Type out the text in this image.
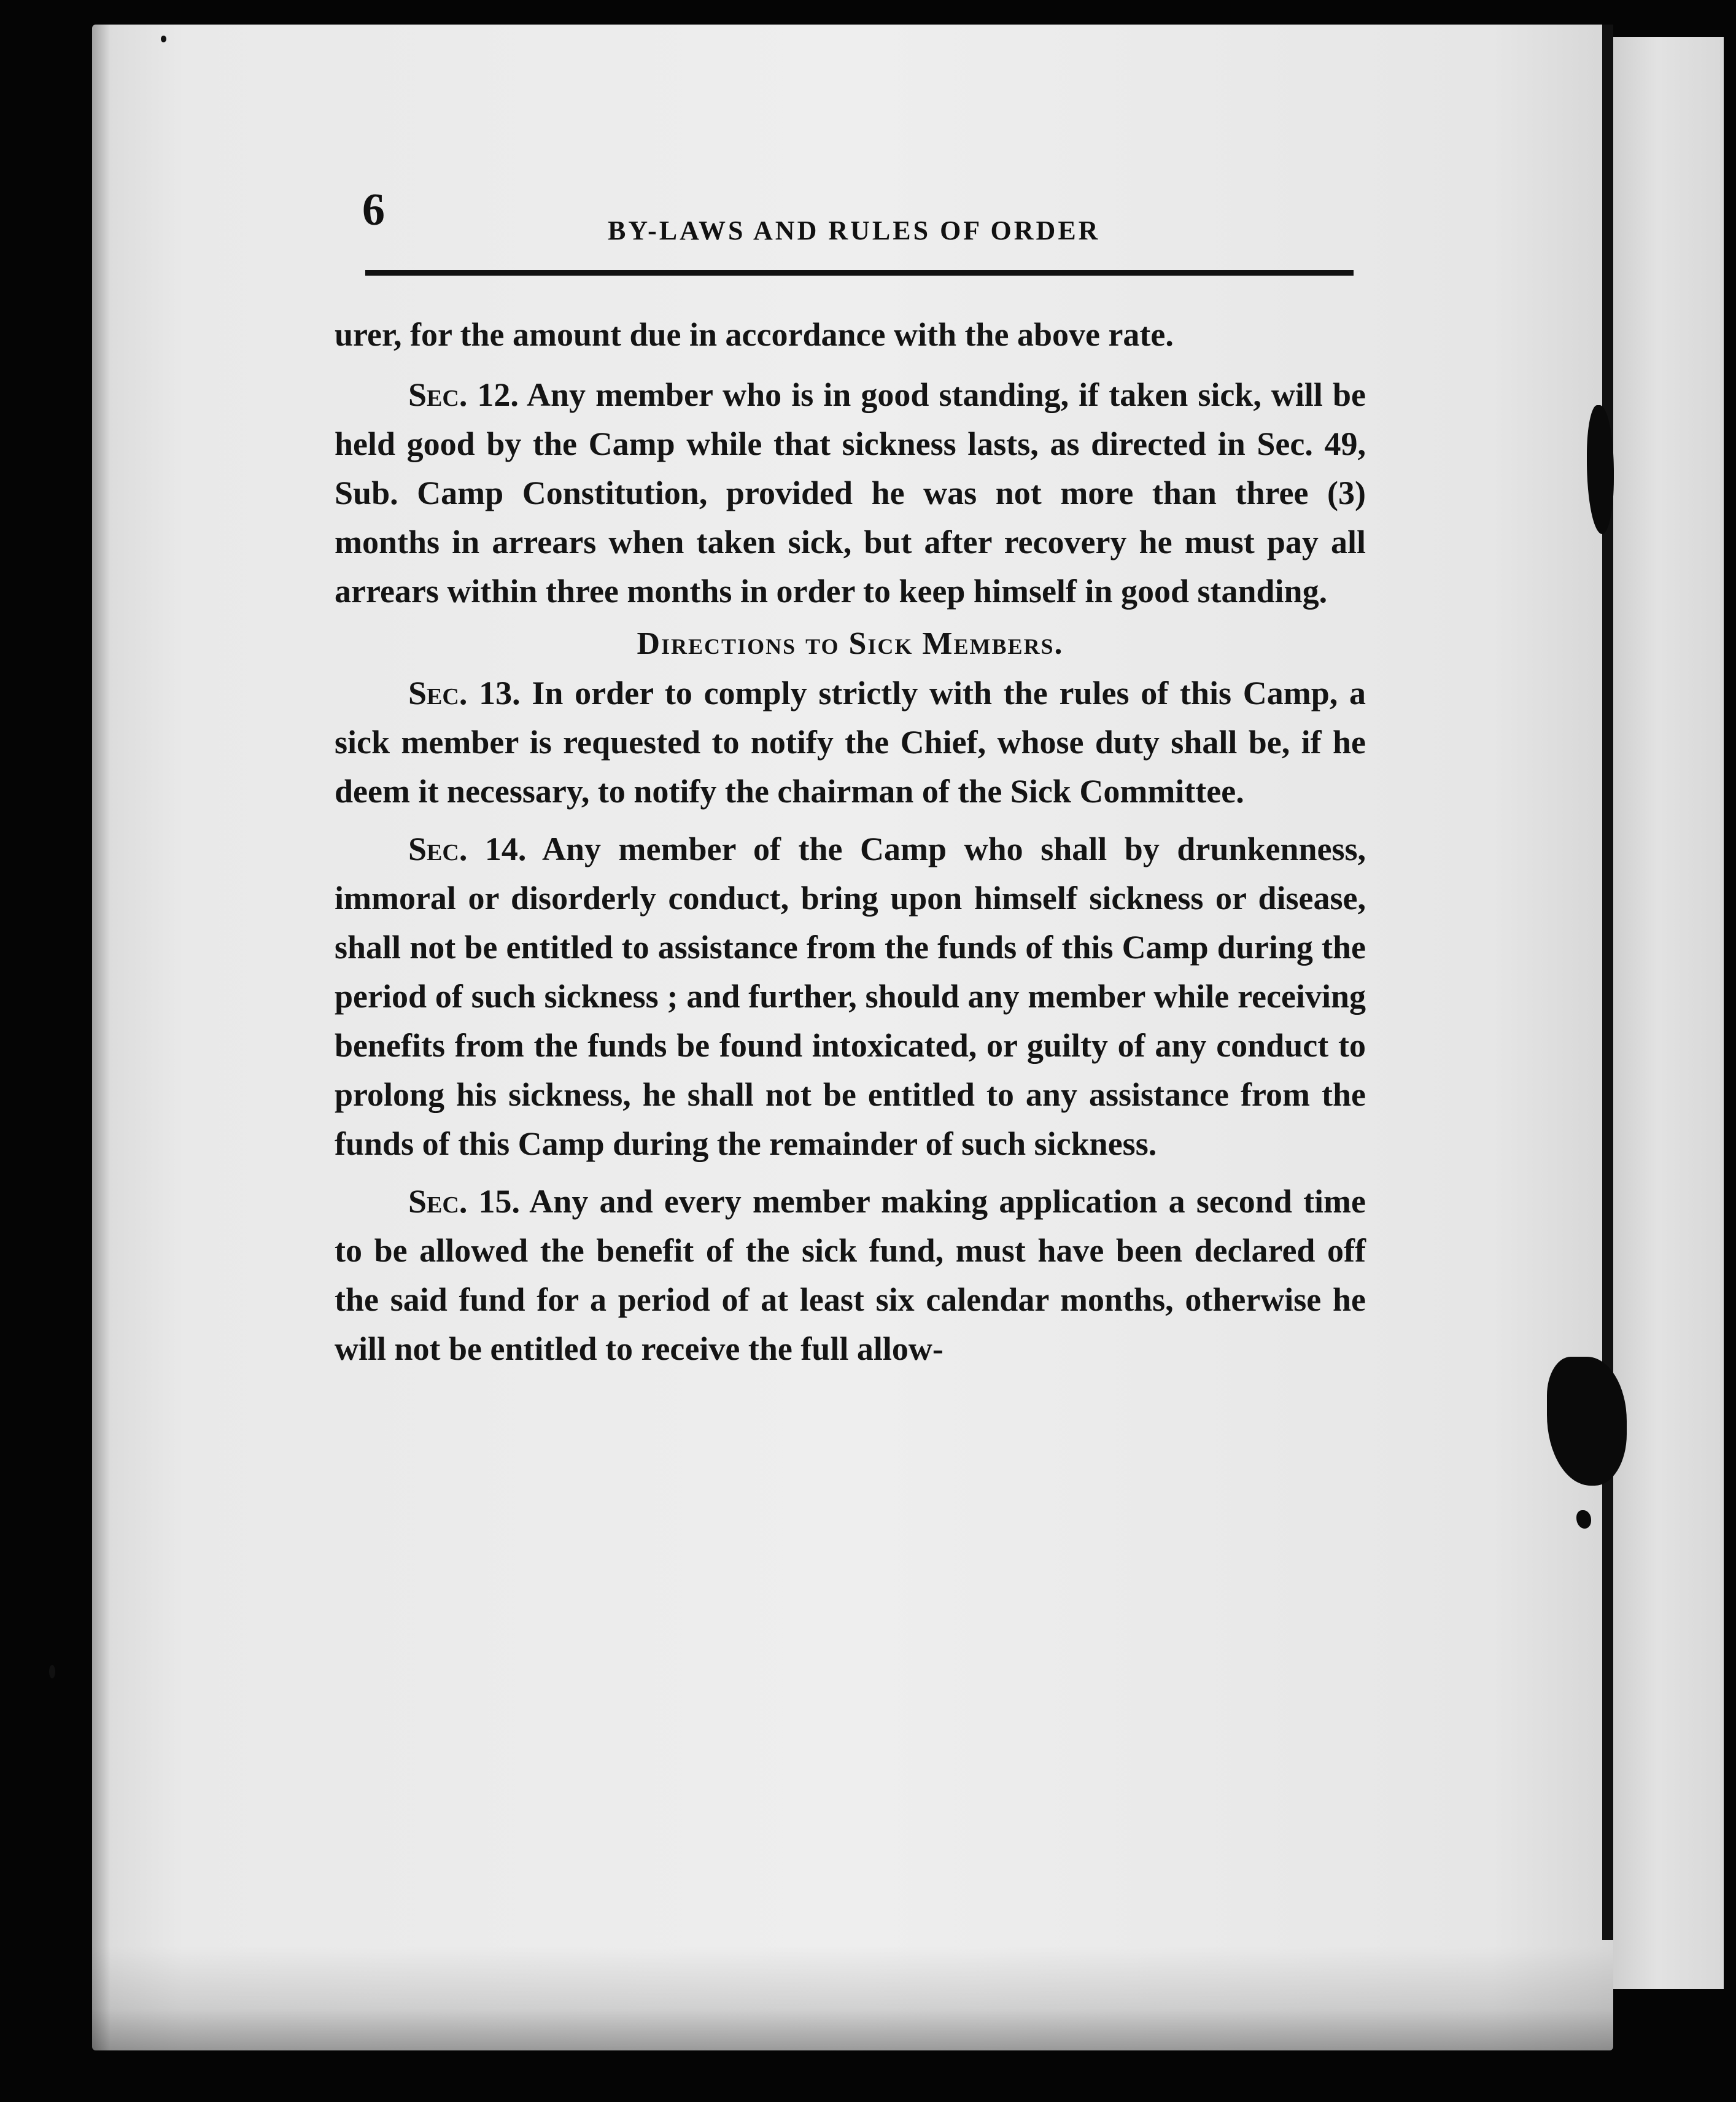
6	BY-LAWS AND RULES OF ORDER

urer, for the amount due in accordance with the above rate.

Sec. 12. Any member who is in good standing, if taken sick, will be held good by the Camp while that sickness lasts, as directed in Sec. 49, Sub. Camp Constitution, provided he was not more than three (3) months in arrears when taken sick, but after recovery he must pay all arrears within three months in order to keep himself in good standing.

Directions to Sick Members.

Sec. 13. In order to comply strictly with the rules of this Camp, a sick member is requested to notify the Chief, whose duty shall be, if he deem it necessary, to notify the chairman of the Sick Committee.

Sec. 14. Any member of the Camp who shall by drunkenness, immoral or disorderly conduct, bring upon himself sickness or disease, shall not be entitled to assistance from the funds of this Camp during the period of such sickness ; and further, should any member while receiving benefits from the funds be found intoxicated, or guilty of any conduct to prolong his sickness, he shall not be entitled to any assistance from the funds of this Camp during the remainder of such sickness.

Sec. 15. Any and every member making application a second time to be allowed the benefit of the sick fund, must have been declared off the said fund for a period of at least six calendar months, otherwise he will not be entitled to receive the full allow-
